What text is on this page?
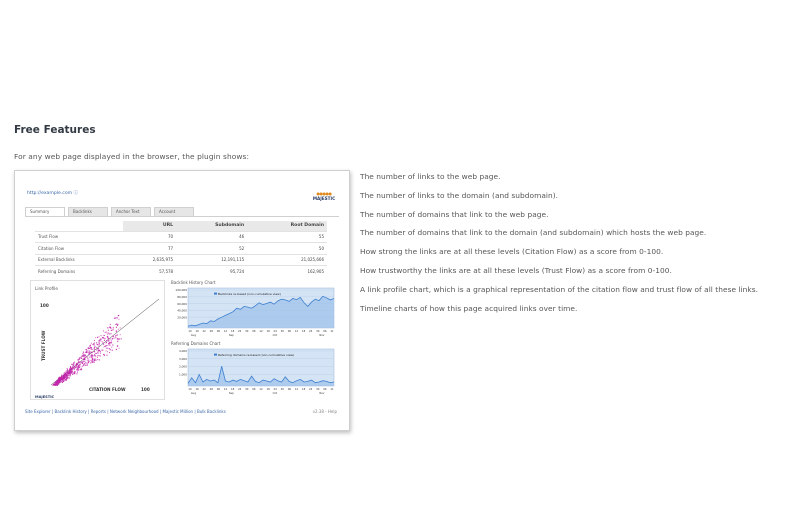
Free Features
For any web page displayed in the browser, the plugin shows:
http://example.com ⓘ	●●●●●
MAJESTIC
Summary	Backlinks	Anchor Text	Account
	URL	Subdomain	Root Domain
Trust Flow	70	46	55
Citation Flow	77	52	50
External Backlinks	2,635,975	12,191,115	21,025,666
Referring Domains	57,578	95,724	162,905
Link Profile
100
TRUST FLOW
CITATION FLOW	100
MAJESTIC
Backlink History Chart
100,000
80,000
60,000
40,000
20,000
Backlinks re-based (non-cumulative view)
10 16 22 28 06 12 18 24 30 06 12 18 24 30 06 12 18 24 30 06 11
Aug	Sep	Oct	Nov
Referring Domains Chart
4,000
3,000
2,000
1,000
Referring domains re-based (non-cumulative view)
10 16 22 28 06 12 18 24 30 06 12 18 24 30 06 12 18 24 30 06 11
Aug	Sep	Oct	Nov
Site Explorer | Backlink History | Reports | Network Neighbourhood | Majestic Million | Bulk Backlinks	v2.38 - Help
The number of links to the web page.
The number of links to the domain (and subdomain).
The number of domains that link to the web page.
The number of domains that link to the domain (and subdomain) which hosts the web page.
How strong the links are at all these levels (Citation Flow) as a score from 0-100.
How trustworthy the links are at all these levels (Trust Flow) as a score from 0-100.
A link profile chart, which is a graphical representation of the citation flow and trust flow of all these links.
Timeline charts of how this page acquired links over time.
